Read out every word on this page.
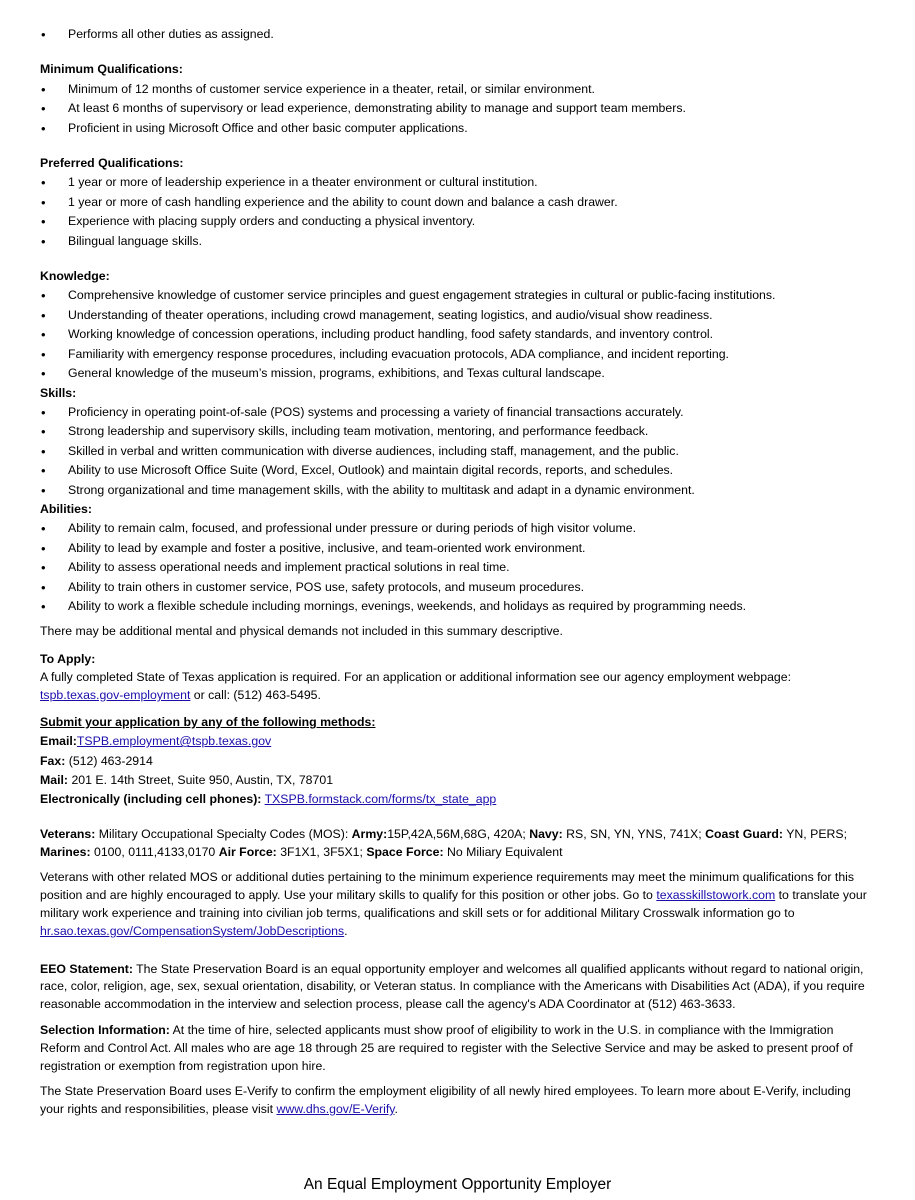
• Performs all other duties as assigned.
Minimum Qualifications:
• Minimum of 12 months of customer service experience in a theater, retail, or similar environment.
• At least 6 months of supervisory or lead experience, demonstrating ability to manage and support team members.
• Proficient in using Microsoft Office and other basic computer applications.
Preferred Qualifications:
• 1 year or more of leadership experience in a theater environment or cultural institution.
• 1 year or more of cash handling experience and the ability to count down and balance a cash drawer.
• Experience with placing supply orders and conducting a physical inventory.
• Bilingual language skills.
Knowledge:
• Comprehensive knowledge of customer service principles and guest engagement strategies in cultural or public-facing institutions.
• Understanding of theater operations, including crowd management, seating logistics, and audio/visual show readiness.
• Working knowledge of concession operations, including product handling, food safety standards, and inventory control.
• Familiarity with emergency response procedures, including evacuation protocols, ADA compliance, and incident reporting.
• General knowledge of the museum’s mission, programs, exhibitions, and Texas cultural landscape.
Skills:
• Proficiency in operating point-of-sale (POS) systems and processing a variety of financial transactions accurately.
• Strong leadership and supervisory skills, including team motivation, mentoring, and performance feedback.
• Skilled in verbal and written communication with diverse audiences, including staff, management, and the public.
• Ability to use Microsoft Office Suite (Word, Excel, Outlook) and maintain digital records, reports, and schedules.
• Strong organizational and time management skills, with the ability to multitask and adapt in a dynamic environment.
Abilities:
• Ability to remain calm, focused, and professional under pressure or during periods of high visitor volume.
• Ability to lead by example and foster a positive, inclusive, and team-oriented work environment.
• Ability to assess operational needs and implement practical solutions in real time.
• Ability to train others in customer service, POS use, safety protocols, and museum procedures.
• Ability to work a flexible schedule including mornings, evenings, weekends, and holidays as required by programming needs.

There may be additional mental and physical demands not included in this summary descriptive.

To Apply:

A fully completed State of Texas application is required. For an application or additional information see our agency employment webpage: tspb.texas.gov-employment or call: (512) 463-5495.

Submit your application by any of the following methods:
Email:TSPB.employment@tspb.texas.gov
Fax: (512) 463-2914
Mail: 201 E. 14th Street, Suite 950, Austin, TX, 78701
Electronically (including cell phones): TXSPB.formstack.com/forms/tx_state_app

Veterans: Military Occupational Specialty Codes (MOS): Army:15P,42A,56M,68G, 420A; Navy: RS, SN, YN, YNS, 741X; Coast Guard: YN, PERS; Marines: 0100, 0111,4133,0170 Air Force: 3F1X1, 3F5X1; Space Force: No Miliary Equivalent

Veterans with other related MOS or additional duties pertaining to the minimum experience requirements may meet the minimum qualifications for this position and are highly encouraged to apply. Use your military skills to qualify for this position or other jobs. Go to texasskillstowork.com to translate your military work experience and training into civilian job terms, qualifications and skill sets or for additional Military Crosswalk information go to hr.sao.texas.gov/CompensationSystem/JobDescriptions.

EEO Statement: The State Preservation Board is an equal opportunity employer and welcomes all qualified applicants without regard to national origin, race, color, religion, age, sex, sexual orientation, disability, or Veteran status. In compliance with the Americans with Disabilities Act (ADA), if you require reasonable accommodation in the interview and selection process, please call the agency's ADA Coordinator at (512) 463-3633.

Selection Information: At the time of hire, selected applicants must show proof of eligibility to work in the U.S. in compliance with the Immigration Reform and Control Act. All males who are age 18 through 25 are required to register with the Selective Service and may be asked to present proof of registration or exemption from registration upon hire.

The State Preservation Board uses E-Verify to confirm the employment eligibility of all newly hired employees. To learn more about E-Verify, including your rights and responsibilities, please visit www.dhs.gov/E-Verify.

An Equal Employment Opportunity Employer
